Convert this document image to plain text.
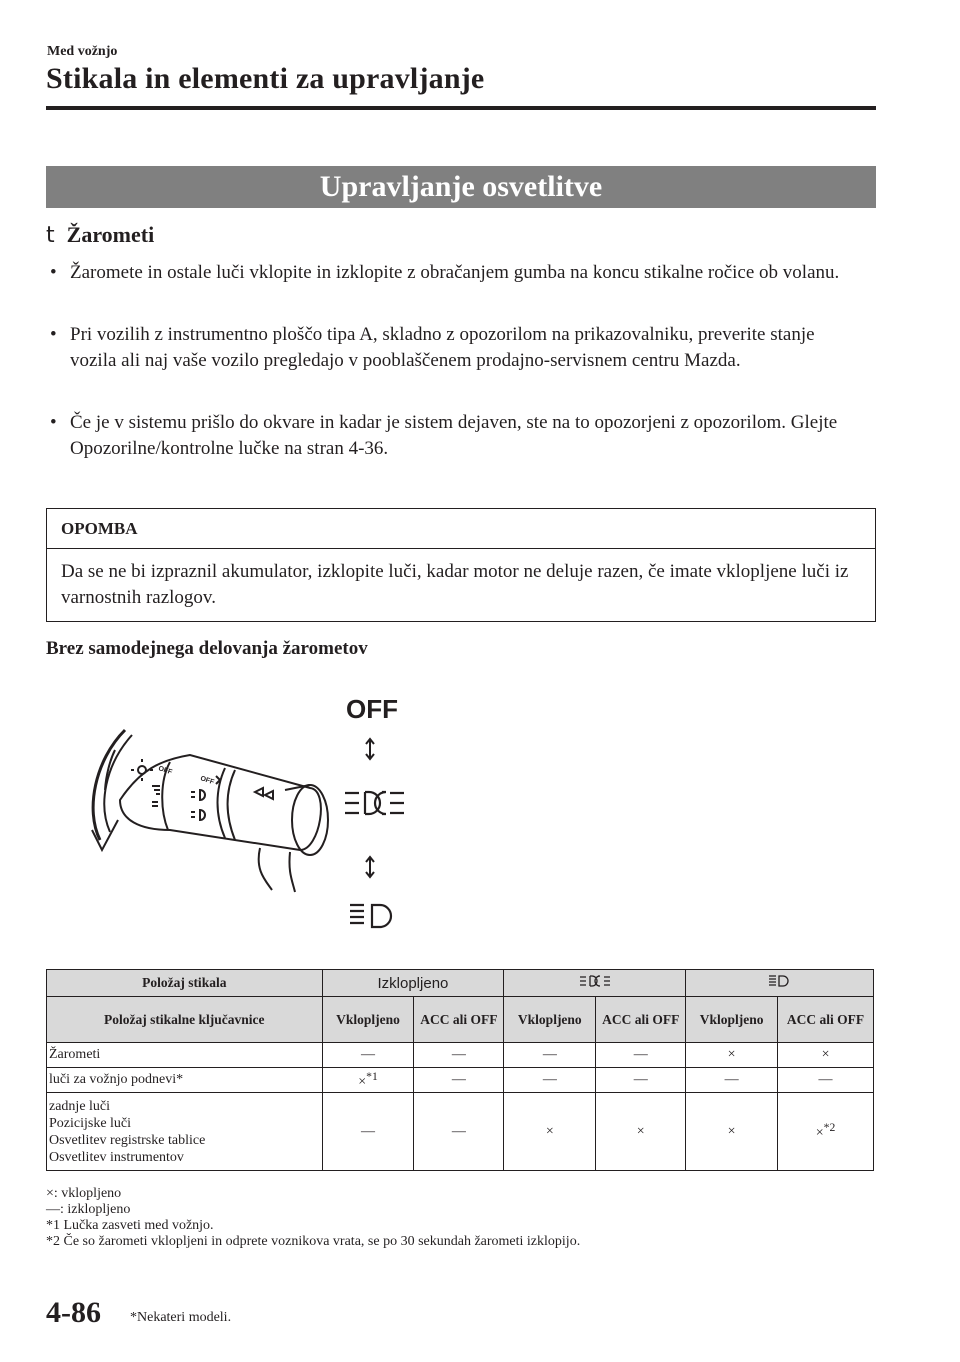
Med vožnjo
Stikala in elementi za upravljanje
Upravljanje osvetlitve
t Žarometi
• Žaromete in ostale luči vklopite in izklopite z obračanjem gumba na koncu stikalne ročice ob volanu.
• Pri vozilih z instrumentno ploščo tipa A, skladno z opozorilom na prikazovalniku, preverite stanje vozila ali naj vaše vozilo pregledajo v pooblaščenem prodajno-servisnem centru Mazda.
• Če je v sistemu prišlo do okvare in kadar je sistem dejaven, ste na to opozorjeni z opozorilom. Glejte Opozorilne/kontrolne lučke na stran 4-36.
OPOMBA
Da se ne bi izpraznil akumulator, izklopite luči, kadar motor ne deluje razen, če imate vklopljene luči iz varnostnih razlogov.
Brez samodejnega delovanja žarometov
OFF
OFF
OFF
Položaj stikala	Izklopljeno		
Položaj stikalne ključavnice	Vklopljeno	ACC ali OFF	Vklopljeno	ACC ali OFF	Vklopljeno	ACC ali OFF
Žarometi	—	—	—	—	×	×
luči za vožnjo podnevi*	×$^{*1}$	—	—	—	—	—

zadnje luči
Pozicijske luči
Osvetlitev registrske tablice
Osvetlitev instrumentov	—	—	×	×	×	×$^{*2}$
×: vklopljeno
—: izklopljeno
*1 Lučka zasveti med vožnjo.
*2 Če so žarometi vklopljeni in odprete voznikova vrata, se po 30 sekundah žarometi izklopijo.
4-86 *Nekateri modeli.
